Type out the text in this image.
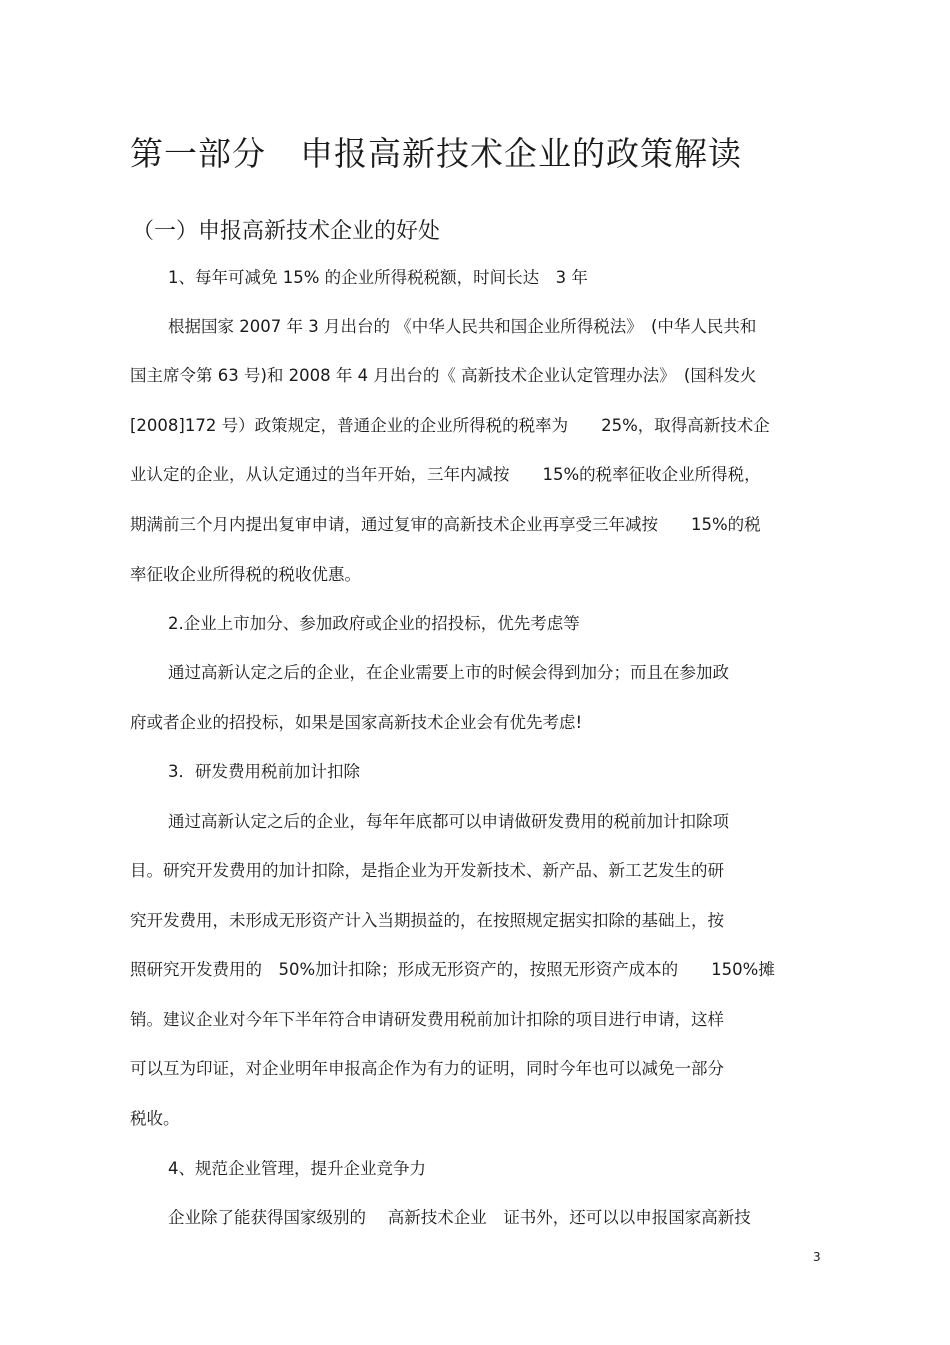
第一部分　申报高新技术企业的政策解读
（一）申报高新技术企业的好处
1、每年可减免 15% 的企业所得税税额，时间长达　3 年
根据国家 2007 年 3 月出台的 《中华人民共和国企业所得税法》　(中华人民共和
国主席令第 63 号)和 2008 年 4 月出台的《 高新技术企业认定管理办法》　(国科发火
[2008]172 号）政策规定，普通企业的企业所得税的税率为　　25%，取得高新技术企
业认定的企业，从认定通过的当年开始，三年内减按　　15%的税率征收企业所得税，
期满前三个月内提出复审申请，通过复审的高新技术企业再享受三年减按　　15%的税
率征收企业所得税的税收优惠。
2.企业上市加分、参加政府或企业的招投标，优先考虑等
通过高新认定之后的企业，在企业需要上市的时候会得到加分；而且在参加政
府或者企业的招投标，如果是国家高新技术企业会有优先考虑!
3．研发费用税前加计扣除
通过高新认定之后的企业，每年年底都可以申请做研发费用的税前加计扣除项
目。研究开发费用的加计扣除，是指企业为开发新技术、新产品、新工艺发生的研
究开发费用，未形成无形资产计入当期损益的，在按照规定据实扣除的基础上，按
照研究开发费用的　50%加计扣除；形成无形资产的，按照无形资产成本的　　150%摊
销。建议企业对今年下半年符合申请研发费用税前加计扣除的项目进行申请，这样
可以互为印证，对企业明年申报高企作为有力的证明，同时今年也可以减免一部分
税收。
4、规范企业管理，提升企业竞争力
企业除了能获得国家级别的　 高新技术企业　证书外，还可以以申报国家高新技
3
